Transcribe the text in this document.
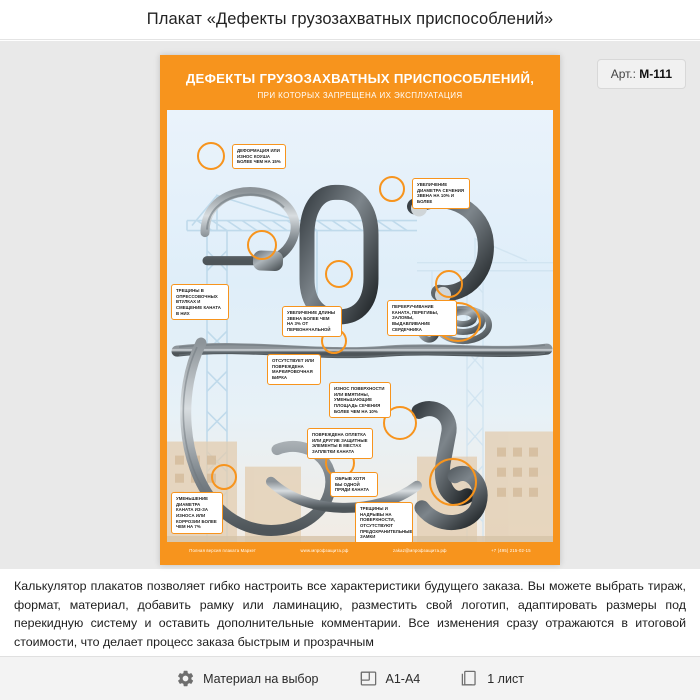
Плакат «Дефекты грузозахватных приспособлений»
Арт.: М-111
ДЕФЕКТЫ ГРУЗОЗАХВАТНЫХ ПРИСПОСОБЛЕНИЙ,
ПРИ КОТОРЫХ ЗАПРЕЩЕНА ИХ ЭКСПЛУАТАЦИЯ
ДЕФОРМАЦИЯ ИЛИ ИЗНОС КОУША БОЛЕЕ ЧЕМ НА 15%
УВЕЛИЧЕНИЕ ДИАМЕТРА СЕЧЕНИЯ ЗВЕНА НА 10% И БОЛЕЕ
ТРЕЩИНЫ В ОПРЕССОВОЧНЫХ ВТУЛКАХ И СМЕЩЕНИЕ КАНАТА В НИХ	УВЕЛИЧЕНИЕ ДЛИНЫ ЗВЕНА БОЛЕЕ ЧЕМ НА 3% ОТ ПЕРВОНАЧАЛЬНОЙ
ПЕРЕКРУЧИВАНИЕ КАНАТА, ПЕРЕГИБЫ, ЗАЛОМЫ, ВЫДАВЛИВАНИЕ СЕРДЕЧНИКА
ОТСУТСТВУЕТ ИЛИ ПОВРЕЖДЕНА МАРКИРОВОЧНАЯ БИРКА
ИЗНОС ПОВЕРХНОСТИ ИЛИ ВМЯТИНЫ, УМЕНЬШАЮЩИЕ ПЛОЩАДЬ СЕЧЕНИЯ БОЛЕЕ ЧЕМ НА 10%
ПОВРЕЖДЕНА ОПЛЕТКА ИЛИ ДРУГИЕ ЗАЩИТНЫЕ ЭЛЕМЕНТЫ В МЕСТАХ ЗАПЛЕТКИ КАНАТА
ОБРЫВ ХОТЯ БЫ ОДНОЙ ПРЯДИ КАНАТА
УМЕНЬШЕНИЕ ДИАМЕТРА КАНАТА ИЗ-ЗА ИЗНОСА ИЛИ КОРРОЗИИ БОЛЕЕ ЧЕМ НА 7%
ТРЕЩИНЫ И НАДРЫВЫ НА ПОВЕРХНОСТИ, ОТСУТСТВУЮТ ПРЕДОХРАНИТЕЛЬНЫЕ ЗАМКИ
Полная версия плаката Маркет	www.мпрофзащита.рф	zakaz@мпрофзащита.рф	+7 (495) 215-02-15
Калькулятор плакатов позволяет гибко настроить все характеристики будущего заказа. Вы можете выбрать тираж, формат, материал, добавить рамку или ламинацию, разместить свой логотип, адаптировать размеры под перекидную систему и оставить дополнительные комментарии. Все изменения сразу отражаются в итоговой стоимости, что делает процесс заказа быстрым и прозрачным
Материал на выбор	А1-А4	1 лист
